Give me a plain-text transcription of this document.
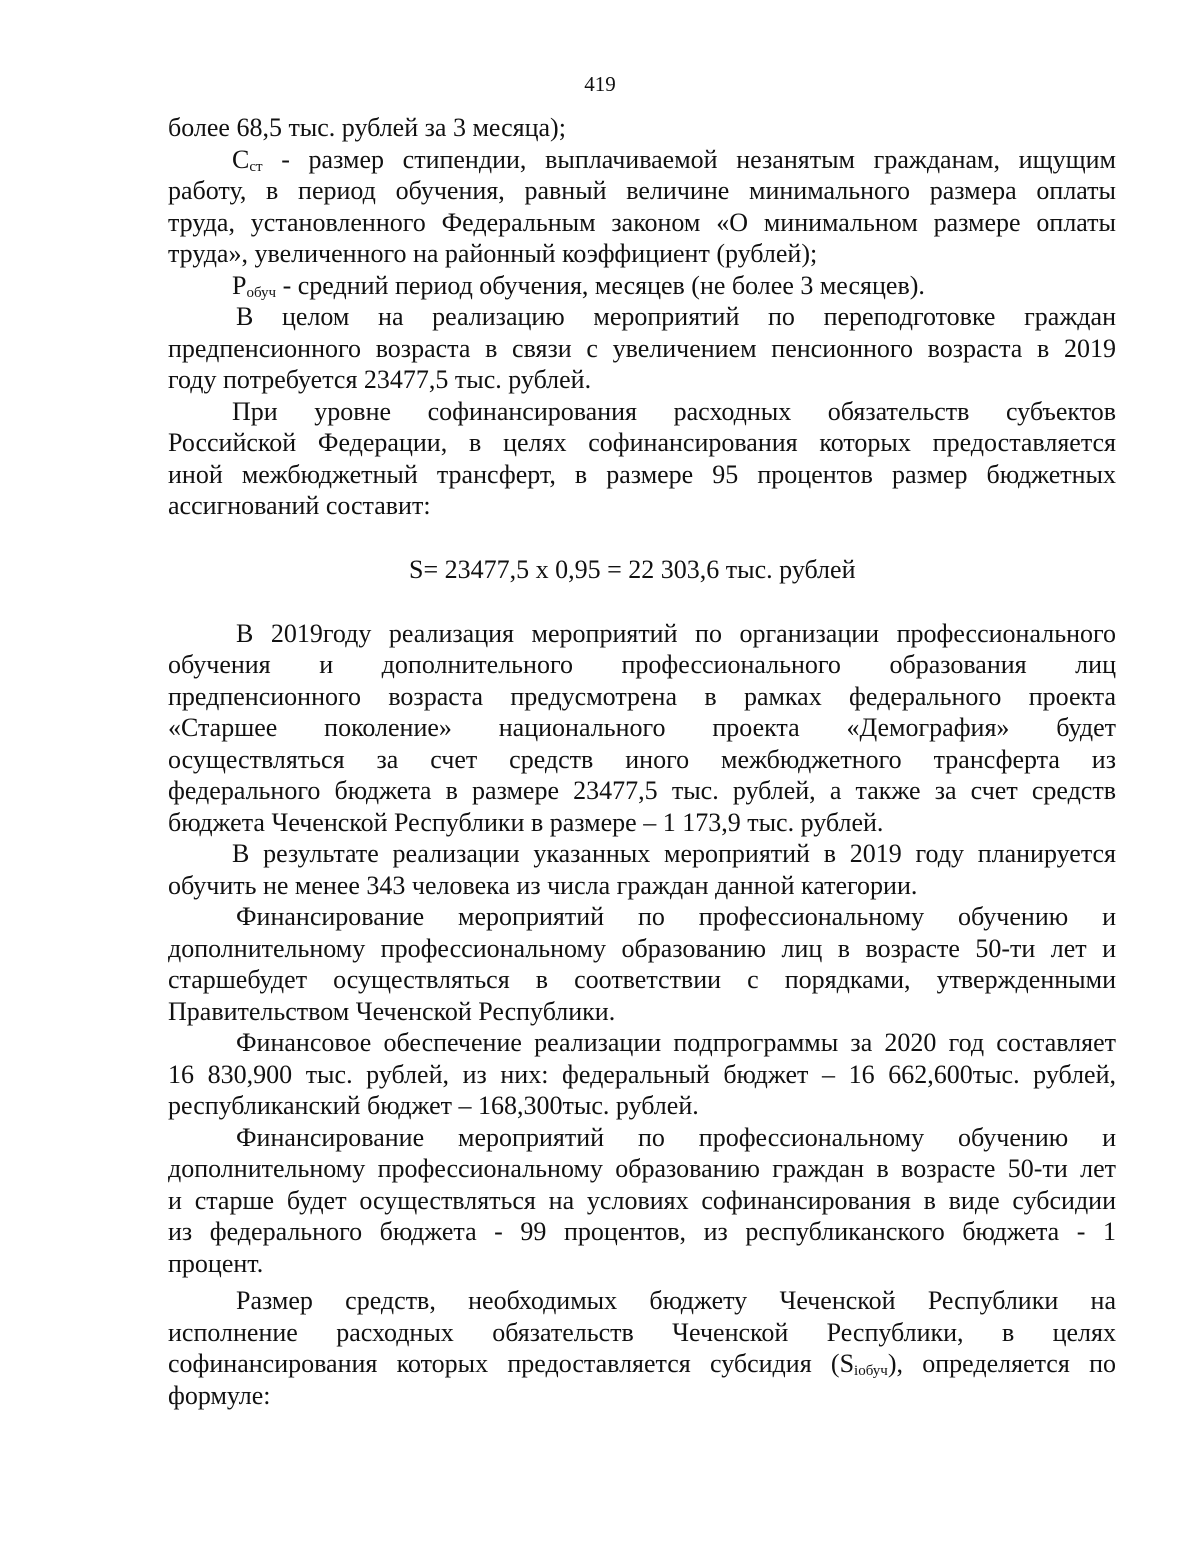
419
более 68,5 тыс. рублей за 3 месяца);
$С_{ст}$ - размер стипендии, выплачиваемой незанятым гражданам, ищущим
работу, в период обучения, равный величине минимального размера оплаты
труда, установленного Федеральным законом «О минимальном размере оплаты
труда», увеличенного на районный коэффициент (рублей);
$Р_{обуч}$ - средний период обучения, месяцев (не более 3 месяцев).
В целом на реализацию мероприятий по переподготовке граждан
предпенсионного возраста в связи с увеличением пенсионного возраста в 2019
году потребуется 23477,5 тыс. рублей.
При уровне софинансирования расходных обязательств субъектов
Российской Федерации, в целях софинансирования которых предоставляется
иной межбюджетный трансферт, в размере 95 процентов размер бюджетных
ассигнований составит:
S= 23477,5 х 0,95 = 22 303,6 тыс. рублей
В 2019году реализация мероприятий по организации профессионального
обучения и дополнительного профессионального образования лиц
предпенсионного возраста предусмотрена в рамках федерального проекта
«Старшее поколение» национального проекта «Демография» будет
осуществляться за счет средств иного межбюджетного трансферта из
федерального бюджета в размере 23477,5 тыс. рублей, а также за счет средств
бюджета Чеченской Республики в размере – 1 173,9 тыс. рублей.
В результате реализации указанных мероприятий в 2019 году планируется
обучить не менее 343 человека из числа граждан данной категории.
Финансирование мероприятий по профессиональному обучению и
дополнительному профессиональному образованию лиц в возрасте 50-ти лет и
старшебудет осуществляться в соответствии с порядками, утвержденными
Правительством Чеченской Республики.
Финансовое обеспечение реализации подпрограммы за 2020 год составляет
16 830,900 тыс. рублей, из них: федеральный бюджет – 16 662,600тыс. рублей,
республиканский бюджет – 168,300тыс. рублей.
Финансирование мероприятий по профессиональному обучению и
дополнительному профессиональному образованию граждан в возрасте 50-ти лет
и старше будет осуществляться на условиях софинансирования в виде субсидии
из федерального бюджета - 99 процентов, из республиканского бюджета - 1
процент.
Размер средств, необходимых бюджету Чеченской Республики на
исполнение расходных обязательств Чеченской Республики, в целях
софинансирования которых предоставляется субсидия $(S_{iобуч})$, определяется по
формуле:
